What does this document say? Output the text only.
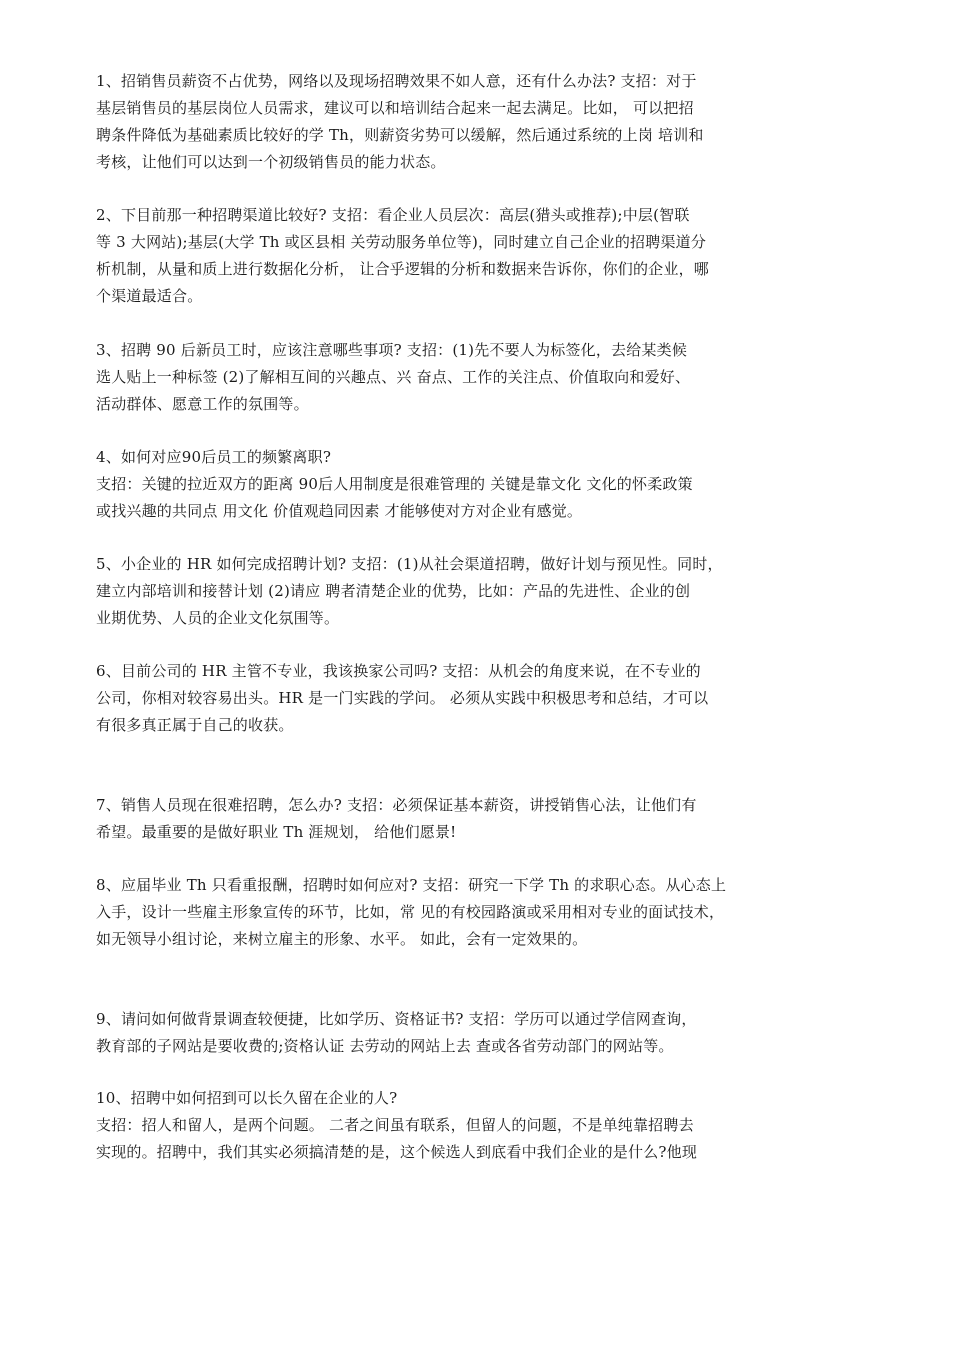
1、招销售员薪资不占优势，网络以及现场招聘效果不如人意，还有什么办法? 支招：对于
基层销售员的基层岗位人员需求，建议可以和培训结合起来一起去满足。比如， 可以把招
聘条件降低为基础素质比较好的学 Th，则薪资劣势可以缓解，然后通过系统的上岗 培训和
考核，让他们可以达到一个初级销售员的能力状态。
2、下目前那一种招聘渠道比较好? 支招：看企业人员层次：高层(猎头或推荐);中层(智联
等 3 大网站);基层(大学 Th 或区县相 关劳动服务单位等)，同时建立自己企业的招聘渠道分
析机制，从量和质上进行数据化分析， 让合乎逻辑的分析和数据来告诉你，你们的企业，哪
个渠道最适合。
3、招聘 90 后新员工时，应该注意哪些事项? 支招：(1)先不要人为标签化，去给某类候
选人贴上一种标签 (2)了解相互间的兴趣点、兴 奋点、工作的关注点、价值取向和爱好、
活动群体、愿意工作的氛围等。
4、如何对应90后员工的频繁离职?
支招：关键的拉近双方的距离 90后人用制度是很难管理的 关键是靠文化 文化的怀柔政策
或找兴趣的共同点 用文化 价值观趋同因素 才能够使对方对企业有感觉。
5、小企业的 HR 如何完成招聘计划? 支招：(1)从社会渠道招聘，做好计划与预见性。同时，
建立内部培训和接替计划 (2)请应 聘者清楚企业的优势，比如：产品的先进性、企业的创
业期优势、人员的企业文化氛围等。
6、目前公司的 HR 主管不专业，我该换家公司吗? 支招：从机会的角度来说，在不专业的
公司，你相对较容易出头。HR 是一门实践的学问。 必须从实践中积极思考和总结，才可以
有很多真正属于自己的收获。
7、销售人员现在很难招聘，怎么办? 支招：必须保证基本薪资，讲授销售心法，让他们有
希望。最重要的是做好职业 Th 涯规划， 给他们愿景!
8、应届毕业 Th 只看重报酬，招聘时如何应对? 支招：研究一下学 Th 的求职心态。从心态上
入手，设计一些雇主形象宣传的环节，比如，常 见的有校园路演或采用相对专业的面试技术，
如无领导小组讨论，来树立雇主的形象、水平。 如此，会有一定效果的。
9、请问如何做背景调查较便捷，比如学历、资格证书? 支招：学历可以通过学信网查询，
教育部的子网站是要收费的;资格认证 去劳动的网站上去 查或各省劳动部门的网站等。
10、招聘中如何招到可以长久留在企业的人?
支招：招人和留人，是两个问题。 二者之间虽有联系，但留人的问题，不是单纯靠招聘去
实现的。招聘中，我们其实必须搞清楚的是，这个候选人到底看中我们企业的是什么?他现
